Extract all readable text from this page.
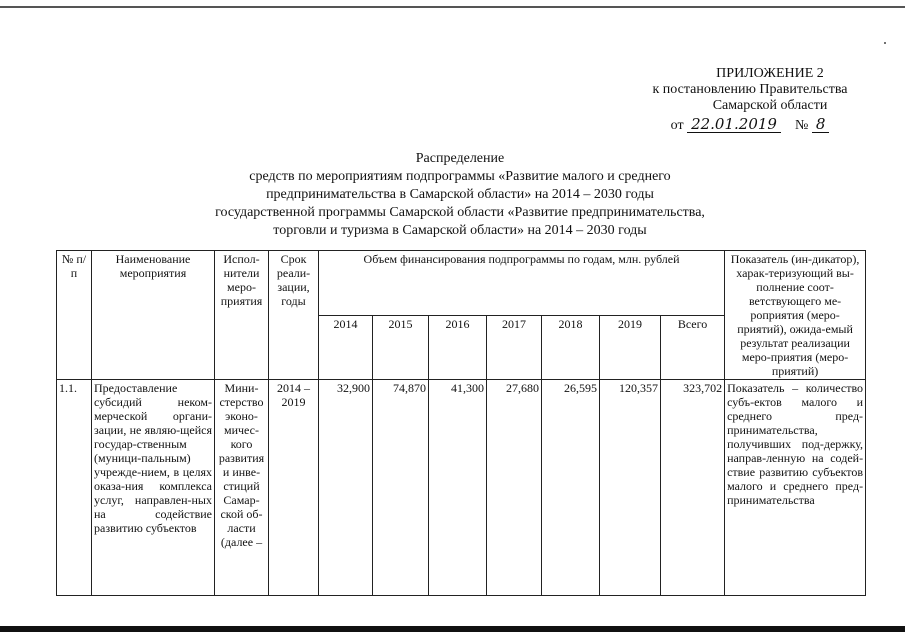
ПРИЛОЖЕНИЕ 2
к постановлению Правительства
Самарской области
от 22.01.2019 № 8
Распределение
средств по мероприятиям подпрограммы «Развитие малого и среднего
предпринимательства в Самарской области» на 2014 – 2030 годы
государственной программы Самарской области «Развитие предпринимательства,
торговли и туризма в Самарской области» на 2014 – 2030 годы
№ п/п	Наименование мероприятия	Испол-нители меро-приятия	Срок реали-зации, годы	Объем финансирования подпрограммы по годам, млн. рублей							Показатель (ин-дикатор), харак-теризующий вы-полнение соот-ветствующего ме-роприятия (меро-приятий), ожида-емый результат реализации меро-приятия (меро-приятий)
				2014	2015	2016	2017	2018	2019	Всего	
1.1.	Предоставление субсидий неком-мерческой органи-зации, не являю-щейся государ-ственным (муници-пальным) учрежде-нием, в целях оказа-ния комплекса услуг, направлен-ных на содействие развитию субъектов	Мини-стерство эконо-мичес-кого развития и инве-стиций Самар-ской об-ласти (далее –	2014 – 2019	32,900	74,870	41,300	27,680	26,595	120,357	323,702	Показатель – количество субъ-ектов малого и среднего пред-принимательства, получивших под-держку, направ-ленную на содей-ствие развитию субъектов малого и среднего пред-принимательства
